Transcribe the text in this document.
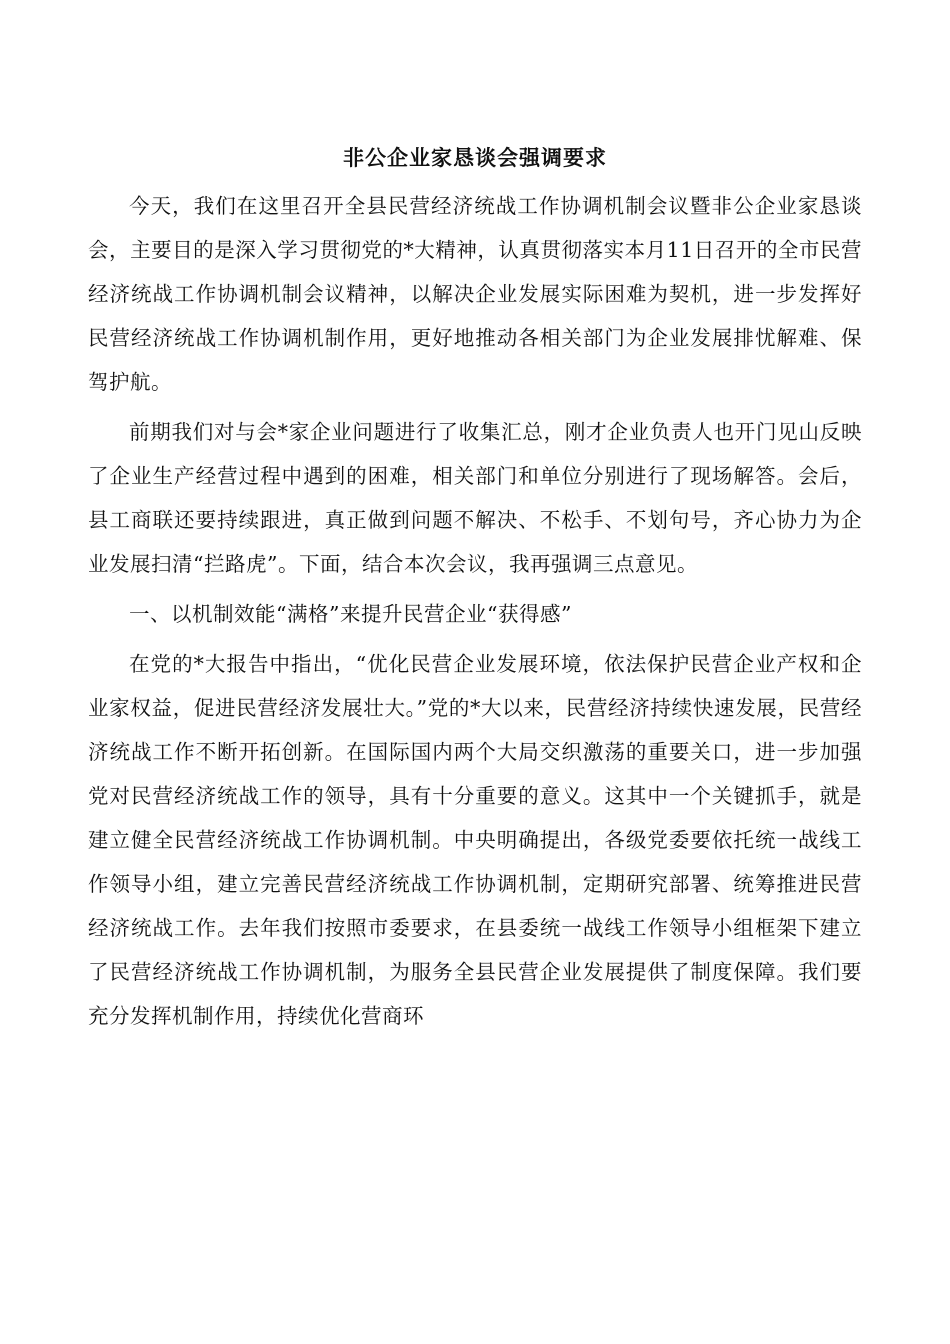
非公企业家恳谈会强调要求

今天，我们在这里召开全县民营经济统战工作协调机制会议暨非公企业家恳谈会，主要目的是深入学习贯彻党的*大精神，认真贯彻落实本月11日召开的全市民营经济统战工作协调机制会议精神，以解决企业发展实际困难为契机，进一步发挥好民营经济统战工作协调机制作用，更好地推动各相关部门为企业发展排忧解难、保驾护航。

前期我们对与会*家企业问题进行了收集汇总，刚才企业负责人也开门见山反映了企业生产经营过程中遇到的困难，相关部门和单位分别进行了现场解答。会后，县工商联还要持续跟进，真正做到问题不解决、不松手、不划句号，齐心协力为企业发展扫清“拦路虎”。下面，结合本次会议，我再强调三点意见。

一、以机制效能“满格”来提升民营企业“获得感”

在党的*大报告中指出，“优化民营企业发展环境，依法保护民营企业产权和企业家权益，促进民营经济发展壮大。”党的*大以来，民营经济持续快速发展，民营经济统战工作不断开拓创新。在国际国内两个大局交织激荡的重要关口，进一步加强党对民营经济统战工作的领导，具有十分重要的意义。这其中一个关键抓手，就是建立健全民营经济统战工作协调机制。中央明确提出，各级党委要依托统一战线工作领导小组，建立完善民营经济统战工作协调机制，定期研究部署、统筹推进民营经济统战工作。去年我们按照市委要求，在县委统一战线工作领导小组框架下建立了民营经济统战工作协调机制，为服务全县民营企业发展提供了制度保障。我们要充分发挥机制作用，持续优化营商环
